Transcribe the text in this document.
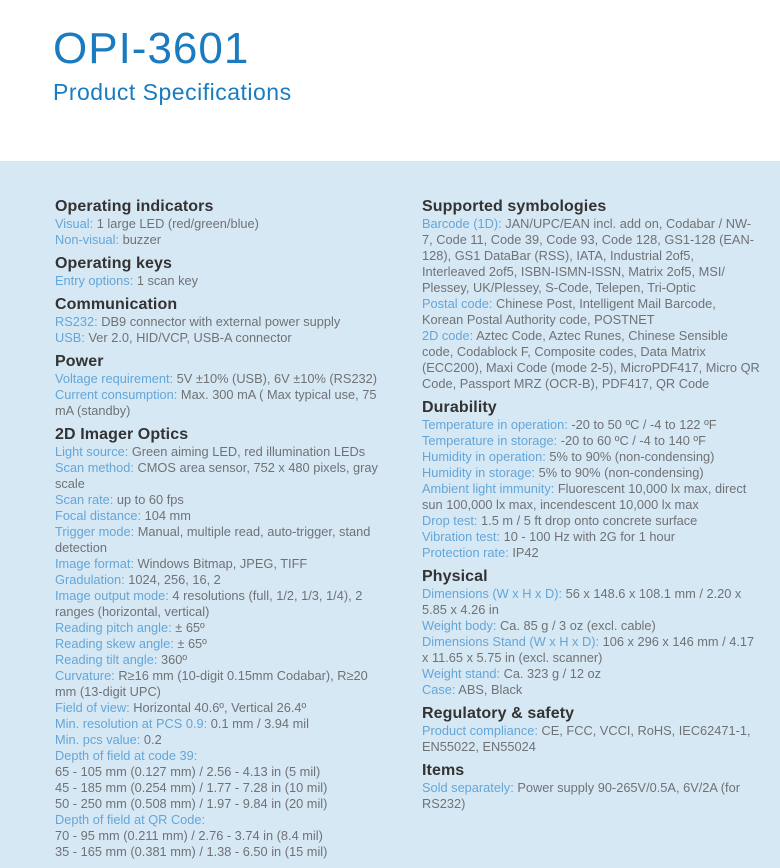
OPI-3601
Product Specifications
Operating indicators

Visual: 1 large LED (red/green/blue)

Non-visual: buzzer

Operating keys

Entry options: 1 scan key

Communication

RS232: DB9 connector with external power supply

USB: Ver 2.0, HID/VCP, USB-A connector

Power

Voltage requirement: 5V ±10% (USB), 6V ±10% (RS232)

Current consumption: Max. 300 mA ( Max typical use, 75 mA (standby)

2D Imager Optics

Light source: Green aiming LED, red illumination LEDs

Scan method: CMOS area sensor, 752 x 480 pixels, gray scale

Scan rate: up to 60 fps

Focal distance: 104 mm

Trigger mode: Manual, multiple read, auto-trigger, stand detection

Image format: Windows Bitmap, JPEG, TIFF

Gradulation: 1024, 256, 16, 2

Image output mode: 4 resolutions (full, 1/2, 1/3, 1/4), 2 ranges (horizontal, vertical)

Reading pitch angle: ± 65º

Reading skew angle: ± 65º

Reading tilt angle: 360º

Curvature: R≥16 mm (10-digit 0.15mm Codabar), R≥20 mm (13-digit UPC)

Field of view: Horizontal 40.6º, Vertical 26.4º

Min. resolution at PCS 0.9: 0.1 mm / 3.94 mil

Min. pcs value: 0.2

Depth of field at code 39:

65 - 105 mm (0.127 mm) / 2.56 - 4.13 in (5 mil)

45 - 185 mm (0.254 mm) / 1.77 - 7.28 in (10 mil)

50 - 250 mm (0.508 mm) / 1.97 - 9.84 in (20 mil)

Depth of field at QR Code:

70 - 95 mm (0.211 mm) / 2.76 - 3.74 in (8.4 mil)

35 - 165 mm (0.381 mm) / 1.38 - 6.50 in (15 mil)

Supported symbologies

Barcode (1D): JAN/UPC/EAN incl. add on, Codabar / NW-7, Code 11, Code 39, Code 93, Code 128, GS1-128 (EAN-128), GS1 DataBar (RSS), IATA, Industrial 2of5, Interleaved 2of5, ISBN-ISMN-ISSN, Matrix 2of5, MSI/ Plessey, UK/Plessey, S-Code, Telepen, Tri-Optic

Postal code: Chinese Post, Intelligent Mail Barcode, Korean Postal Authority code, POSTNET

2D code: Aztec Code, Aztec Runes, Chinese Sensible code, Codablock F, Composite codes, Data Matrix (ECC200), Maxi Code (mode 2-5), MicroPDF417, Micro QR Code, Passport MRZ (OCR-B), PDF417, QR Code

Durability

Temperature in operation: -20 to 50 ºC / -4 to 122 ºF

Temperature in storage: -20 to 60 ºC / -4 to 140 ºF

Humidity in operation: 5% to 90% (non-condensing)

Humidity in storage: 5% to 90% (non-condensing)

Ambient light immunity: Fluorescent 10,000 lx max, direct sun 100,000 lx max, incendescent 10,000 lx max

Drop test: 1.5 m / 5 ft drop onto concrete surface

Vibration test: 10 - 100 Hz with 2G for 1 hour

Protection rate: IP42

Physical

Dimensions (W x H x D): 56 x 148.6 x 108.1 mm / 2.20 x 5.85 x 4.26 in

Weight body: Ca. 85 g / 3 oz (excl. cable)

Dimensions Stand (W x H x D): 106 x 296 x 146 mm / 4.17 x 11.65 x 5.75 in (excl. scanner)

Weight stand: Ca. 323 g / 12 oz

Case: ABS, Black

Regulatory & safety

Product compliance: CE, FCC, VCCI, RoHS, IEC62471-1, EN55022, EN55024

Items

Sold separately: Power supply 90-265V/0.5A, 6V/2A (for RS232)
